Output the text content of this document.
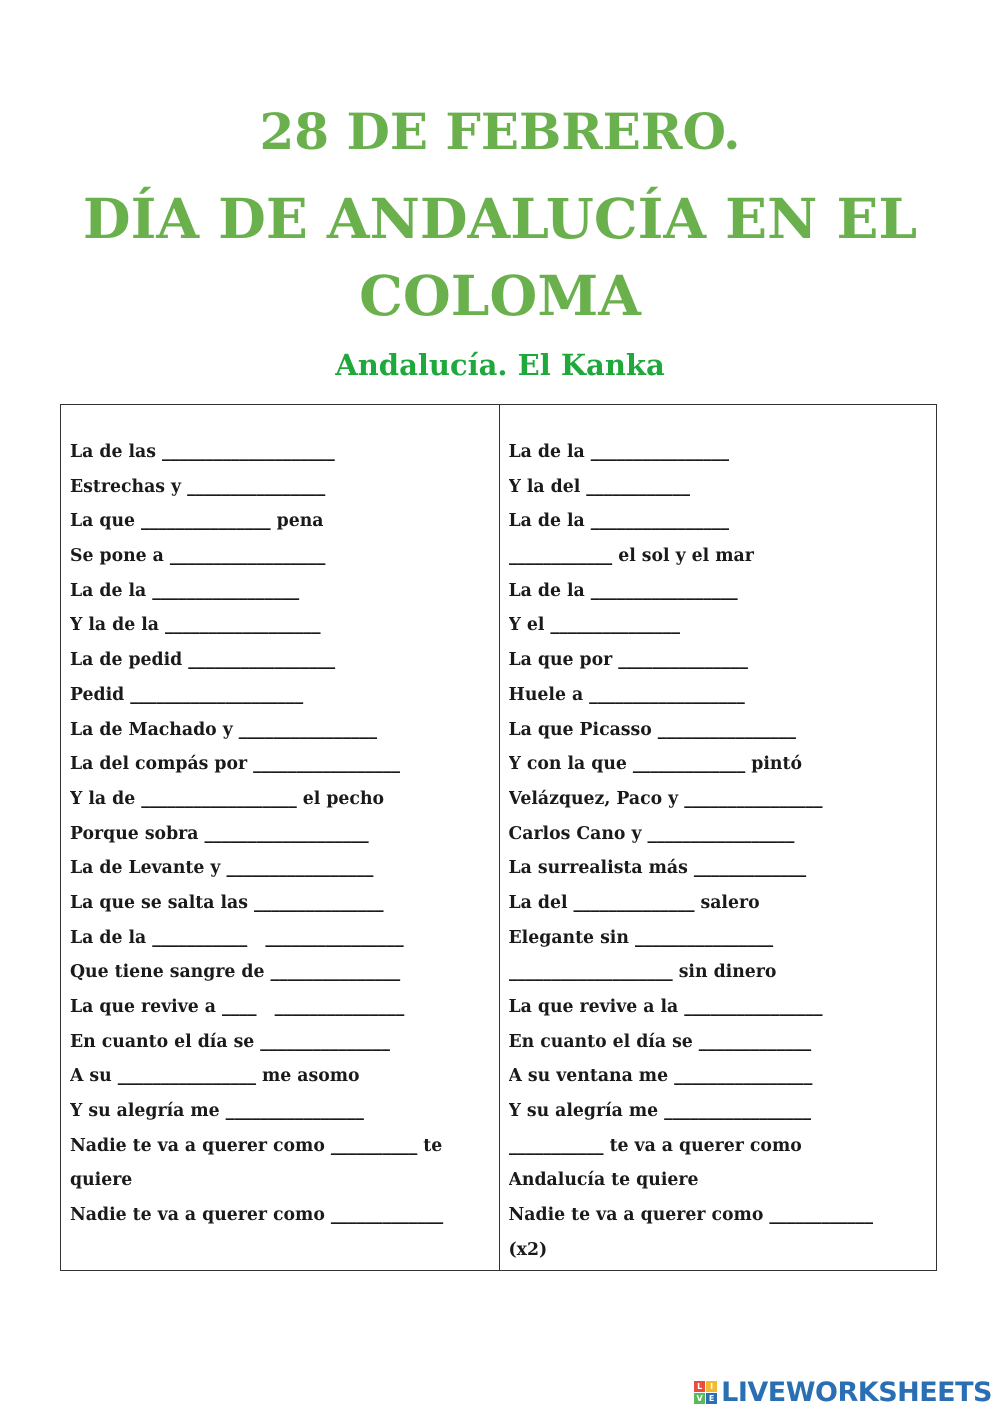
28 DE FEBRERO.
DÍA DE ANDALUCÍA EN EL
COLOMA
Andalucía. El Kanka
La de las ____________________
Estrechas y ________________
La que _______________ pena
Se pone a __________________
La de la _________________
Y la de la __________________
La de pedid _________________
Pedid ____________________
La de Machado y ________________
La del compás por _________________
Y la de __________________ el pecho
Porque sobra ___________________
La de Levante y _________________
La que se salta las _______________
La de la ___________   ________________
Que tiene sangre de _______________
La que revive a ____   _______________
En cuanto el día se _______________
A su ________________ me asomo
Y su alegría me ________________
Nadie te va a querer como __________ te
quiere
Nadie te va a querer como _____________
La de la ________________
Y la del ____________
La de la ________________
____________ el sol y el mar
La de la _________________
Y el _______________
La que por _______________
Huele a __________________
La que Picasso ________________
Y con la que _____________ pintó
Velázquez, Paco y ________________
Carlos Cano y _________________
La surrealista más _____________
La del ______________ salero
Elegante sin ________________
___________________ sin dinero
La que revive a la ________________
En cuanto el día se _____________
A su ventana me ________________
Y su alegría me _________________
___________ te va a querer como
Andalucía te quiere
Nadie te va a querer como ____________
(x2)
L I
V E LIVEWORKSHEETS
